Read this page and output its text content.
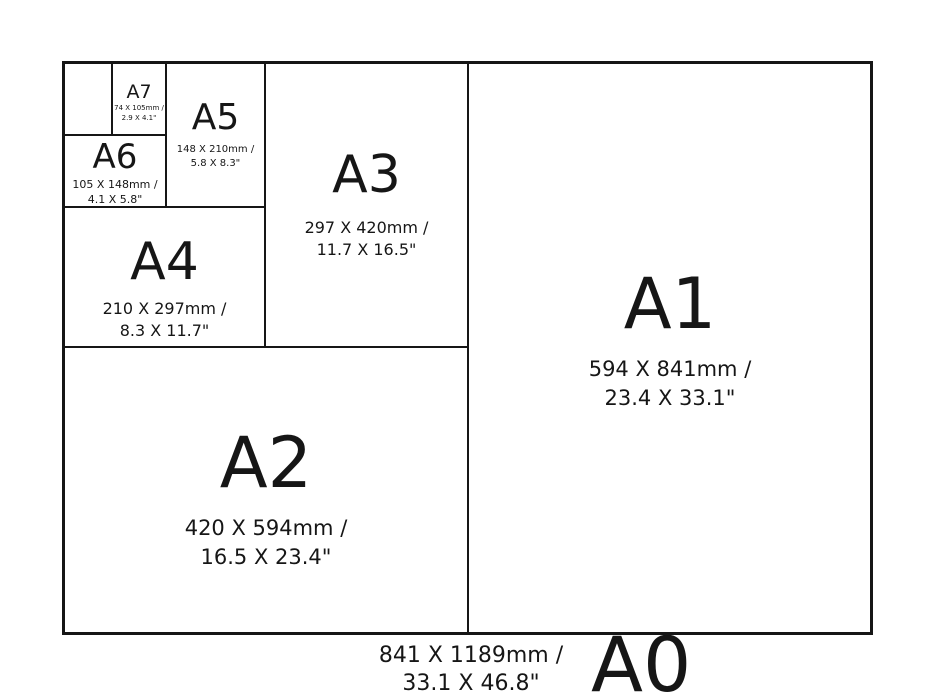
A7
74 X 105mm /
2.9 X 4.1"
A6
105 X 148mm /
4.1 X 5.8"
A5
148 X 210mm /
5.8 X 8.3"
A4
210 X 297mm /
8.3 X 11.7"
A3
297 X 420mm /
11.7 X 16.5"
A2
420 X 594mm /
16.5 X 23.4"
A1
594 X 841mm /
23.4 X 33.1"
841 X 1189mm /
33.1 X 46.8" A0
